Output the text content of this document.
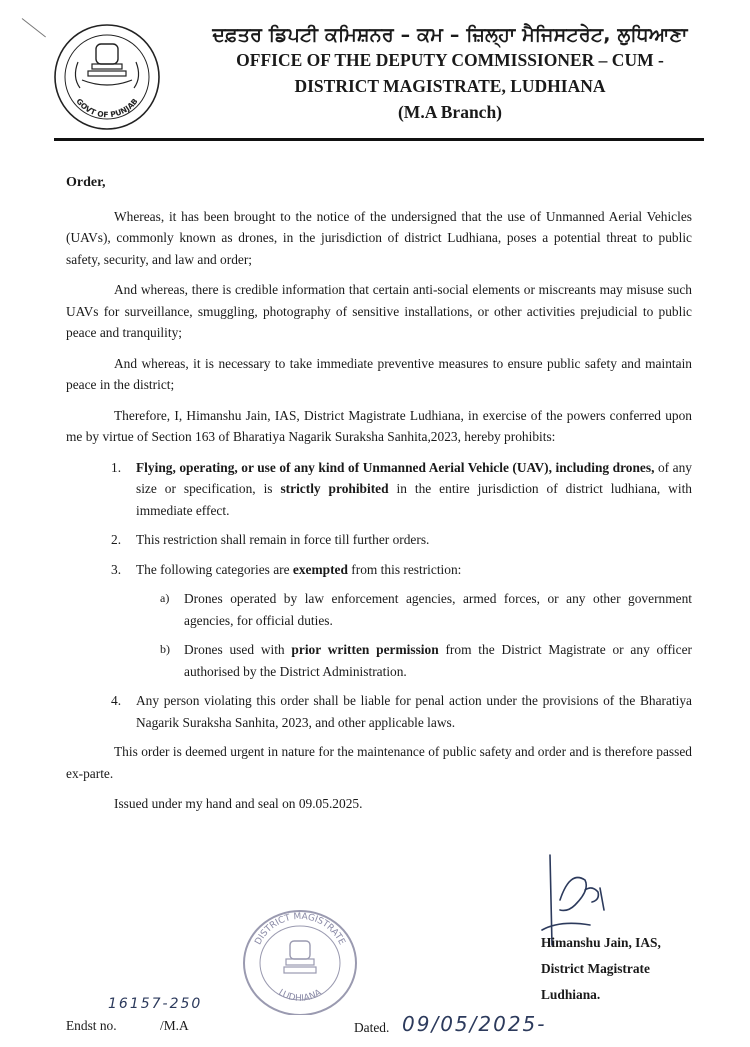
GOVT OF PUNJAB
ਦਫ਼ਤਰ ਡਿਪਟੀ ਕਮਿਸ਼ਨਰ – ਕਮ – ਜ਼ਿਲ੍ਹਾ ਮੈਜਿਸਟਰੇਟ, ਲੁਧਿਆਣਾ
OFFICE OF THE DEPUTY COMMISSIONER – CUM -
DISTRICT MAGISTRATE, LUDHIANA
(M.A Branch)
Order,

Whereas, it has been brought to the notice of the undersigned that the use of Unmanned Aerial Vehicles (UAVs), commonly known as drones, in the jurisdiction of district Ludhiana, poses a potential threat to public safety, security, and law and order;

And whereas, there is credible information that certain anti-social elements or miscreants may misuse such UAVs for surveillance, smuggling, photography of sensitive installations, or other activities prejudicial to public peace and tranquility;

And whereas, it is necessary to take immediate preventive measures to ensure public safety and maintain peace in the district;

Therefore, I, Himanshu Jain, IAS, District Magistrate Ludhiana, in exercise of the powers conferred upon me by virtue of Section 163 of Bharatiya Nagarik Suraksha Sanhita,2023, hereby prohibits:

1. Flying, operating, or use of any kind of Unmanned Aerial Vehicle (UAV), including drones, of any size or specification, is strictly prohibited in the entire jurisdiction of district ludhiana, with immediate effect.
2. This restriction shall remain in force till further orders.
3. The following categories are exempted from this restriction:
a) Drones operated by law enforcement agencies, armed forces, or any other government agencies, for official duties.
b) Drones used with prior written permission from the District Magistrate or any officer authorised by the District Administration.
4. Any person violating this order shall be liable for penal action under the provisions of the Bharatiya Nagarik Suraksha Sanhita, 2023, and other applicable laws.

This order is deemed urgent in nature for the maintenance of public safety and order and is therefore passed ex-parte.

Issued under my hand and seal on 09.05.2025.

Himanshu Jain, IAS,
District Magistrate
Ludhiana.
DISTRICT MAGISTRATE
LUDHIANA
16157-250
Endst no.	/M.A	Dated. 09/05/2025-
